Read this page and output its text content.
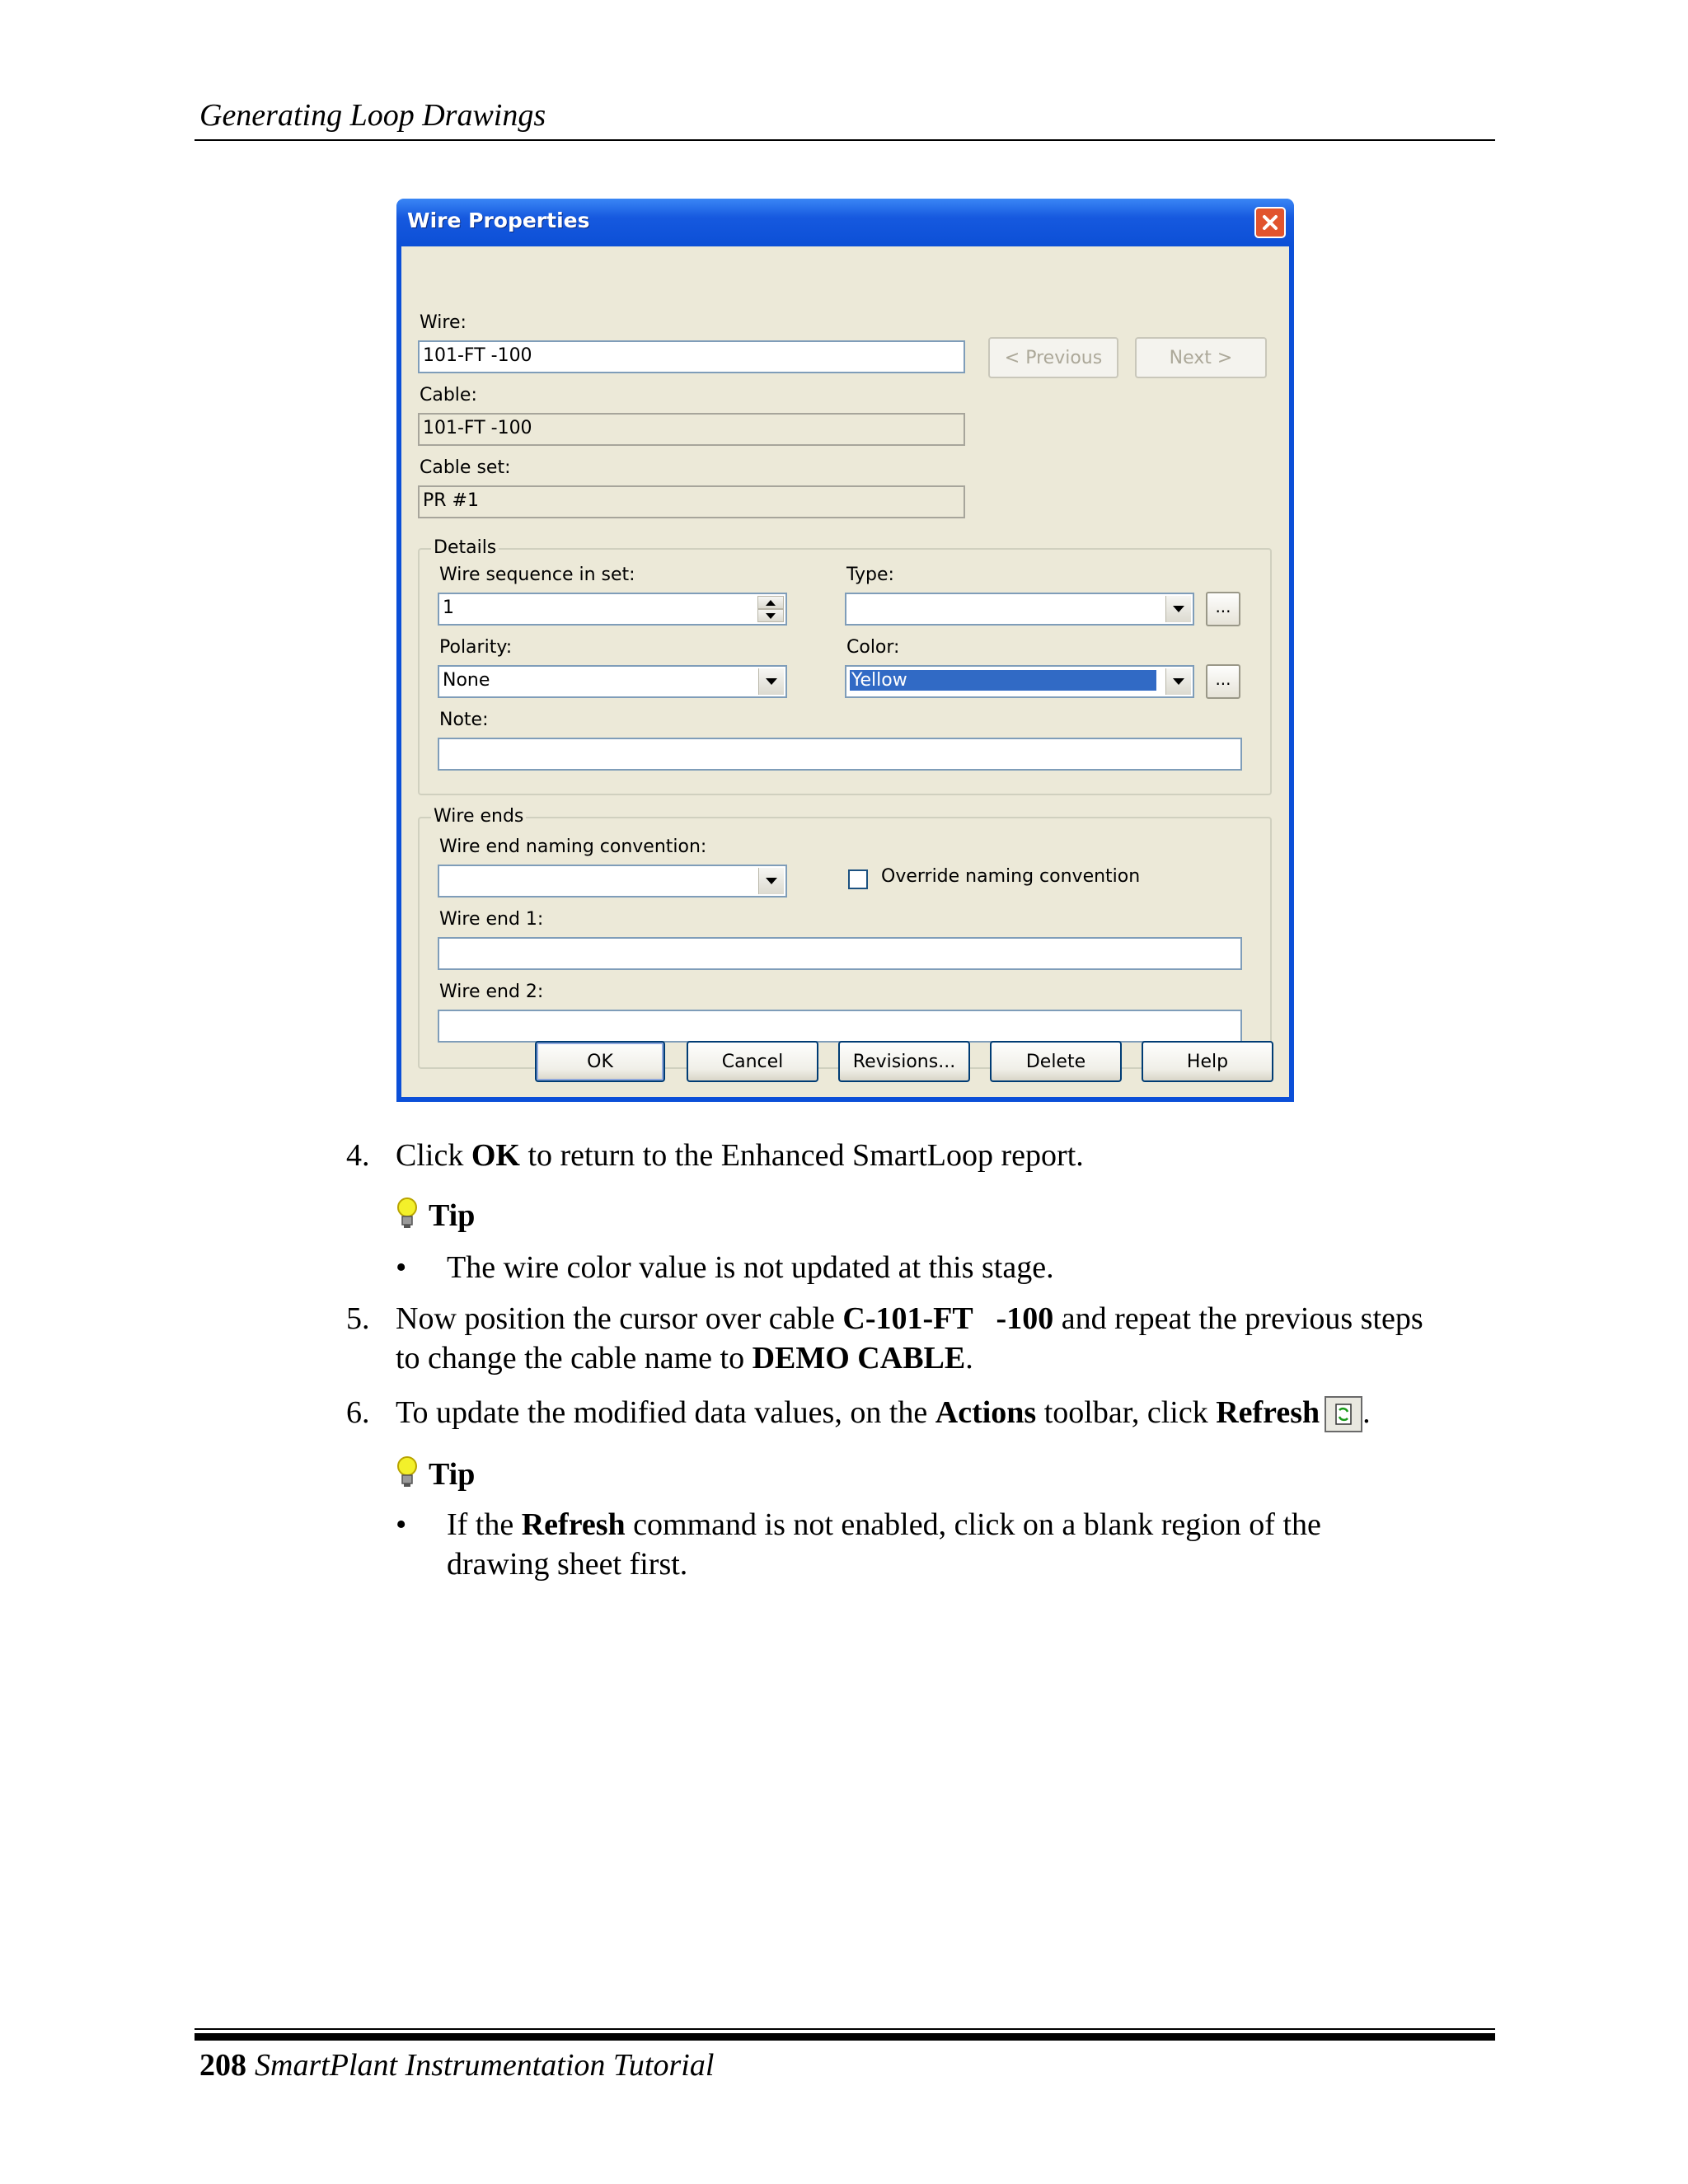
Generating Loop Drawings
Wire Properties
Wire:
101-FT -100	< Previous	Next >
Cable:
101-FT -100
Cable set:
PR #1
Details
Wire sequence in set:
1
Type:
...
Polarity:
None
Color:
Yellow	...
Note:
Wire ends
Wire end naming convention:
Override naming convention
Wire end 1:
Wire end 2:
OK	Cancel	Revisions...	Delete	Help
4. Click OK to return to the Enhanced SmartLoop report.
Tip
• The wire color value is not updated at this stage.
5. Now position the cursor over cable C-101-FT   -100 and repeat the previous steps
to change the cable name to DEMO CABLE.
6. To update the modified data values, on the Actions toolbar, click Refresh .
Tip
• If the Refresh command is not enabled, click on a blank region of the
drawing sheet first.
208 SmartPlant Instrumentation Tutorial
